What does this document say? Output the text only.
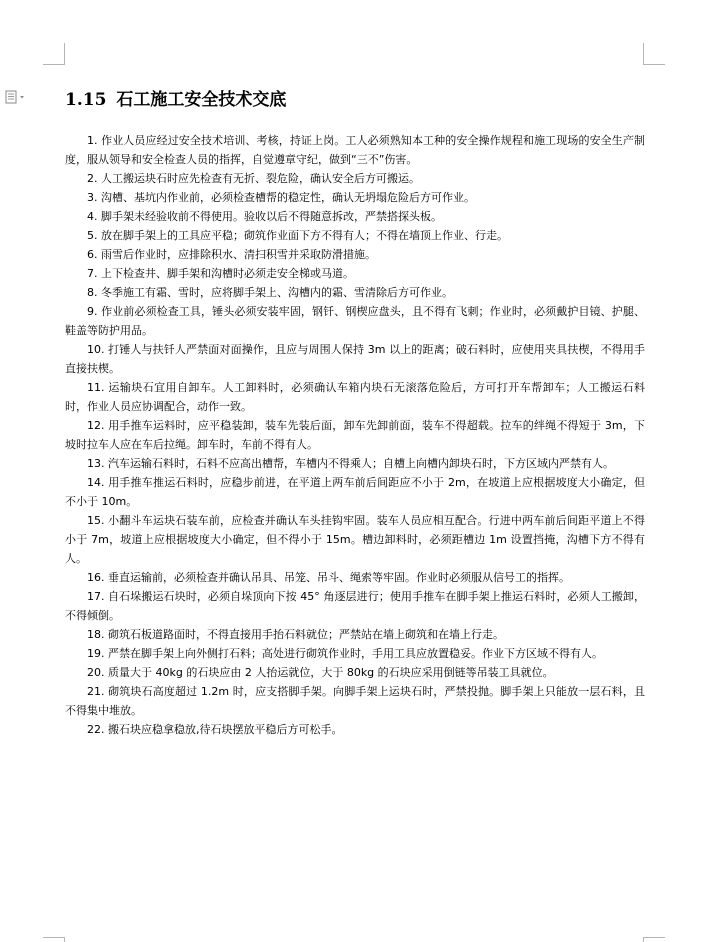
1.15 石工施工安全技术交底

1. 作业人员应经过安全技术培训、考核，持证上岗。工人必须熟知本工种的安全操作规程和施工现场的安全生产制度，服从领导和安全检查人员的指挥，自觉遵章守纪，做到“三不”伤害。

2. 人工搬运块石时应先检查有无折、裂危险，确认安全后方可搬运。

3. 沟槽、基坑内作业前，必须检查槽帮的稳定性，确认无坍塌危险后方可作业。

4. 脚手架未经验收前不得使用。验收以后不得随意拆改，严禁搭探头板。

5. 放在脚手架上的工具应平稳；砌筑作业面下方不得有人；不得在墙顶上作业、行走。

6. 雨雪后作业时，应排除积水、清扫积雪并采取防滑措施。

7. 上下检查井、脚手架和沟槽时必须走安全梯或马道。

8. 冬季施工有霜、雪时，应将脚手架上、沟槽内的霜、雪清除后方可作业。

9. 作业前必须检查工具，锤头必须安装牢固，钢钎、钢楔应盘头，且不得有飞刺；作业时，必须戴护目镜、护腿、鞋盖等防护用品。

10. 打锤人与扶钎人严禁面对面操作，且应与周围人保持 3m 以上的距离；破石料时，应使用夹具扶楔，不得用手直接扶楔。

11. 运输块石宜用自卸车。人工卸料时，必须确认车箱内块石无滚落危险后，方可打开车帮卸车；人工搬运石料时，作业人员应协调配合，动作一致。

12. 用手推车运料时，应平稳装卸，装车先装后面，卸车先卸前面，装车不得超载。拉车的绊绳不得短于 3m，下坡时拉车人应在车后拉绳。卸车时，车前不得有人。

13. 汽车运输石料时，石料不应高出槽帮，车槽内不得乘人；自槽上向槽内卸块石时，下方区域内严禁有人。

14. 用手推车推运石料时，应稳步前进，在平道上两车前后间距应不小于 2m，在坡道上应根据坡度大小确定，但不小于 10m。

15. 小翻斗车运块石装车前，应检查并确认车头挂钩牢固。装车人员应相互配合。行进中两车前后间距平道上不得小于 7m，坡道上应根据坡度大小确定，但不得小于 15m。槽边卸料时，必须距槽边 1m 设置挡掩，沟槽下方不得有人。

16. 垂直运输前，必须检查并确认吊具、吊笼、吊斗、绳索等牢固。作业时必须服从信号工的指挥。

17. 自石垛搬运石块时，必须自垛顶向下按 45° 角逐层进行；使用手推车在脚手架上推运石料时，必须人工搬卸，不得倾倒。

18. 砌筑石板道路面时，不得直接用手抬石料就位；严禁站在墙上砌筑和在墙上行走。

19. 严禁在脚手架上向外侧打石料；高处进行砌筑作业时，手用工具应放置稳妥。作业下方区域不得有人。

20. 质量大于 40kg 的石块应由 2 人抬运就位，大于 80kg 的石块应采用倒链等吊装工具就位。

21. 砌筑块石高度超过 1.2m 时，应支搭脚手架。向脚手架上运块石时，严禁投抛。脚手架上只能放一层石料，且不得集中堆放。

22. 搬石块应稳拿稳放,待石块摆放平稳后方可松手。
